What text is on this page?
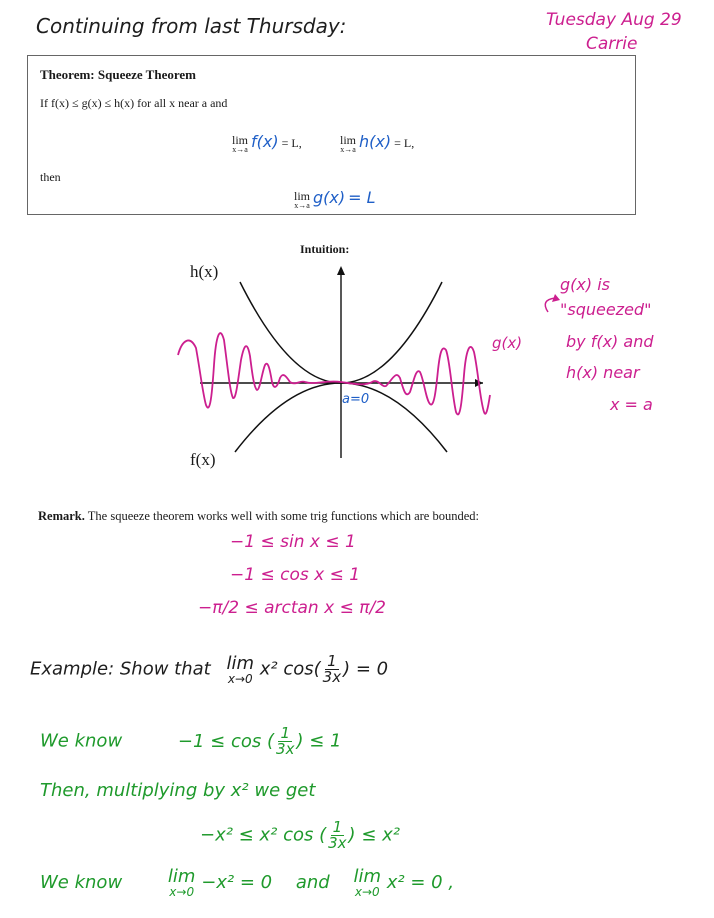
Continuing from last Thursday:	Tuesday Aug 29
Carrie
Theorem: Squeeze Theorem
If f(x) ≤ g(x) ≤ h(x) for all x near a and
lim
x→a f(x) = L,	lim
x→a h(x) = L,
then
lim
x→a g(x) = L
Intuition:
h(x)
f(x)
a=0
g(x)
g(x) is
"squeezed"
by f(x) and
h(x) near
x = a
Remark. The squeeze theorem works well with some trig functions which are bounded:
−1 ≤ sin x ≤ 1
−1 ≤ cos x ≤ 1
−π/2 ≤ arctan x ≤ π/2
Example: Show that lim
x→0 x² $\cos( \frac{1}{3x}$ ) = 0
We know	−1 ≤ cos ( $\frac{1}{3x}$ ) ≤ 1
Then, multiplying by x² we get
−x² ≤ x² cos ( $\frac{1}{3x}$ ) ≤ x²
We know	lim
x→0 −x² = 0 and lim
x→0 x² = 0 ,
